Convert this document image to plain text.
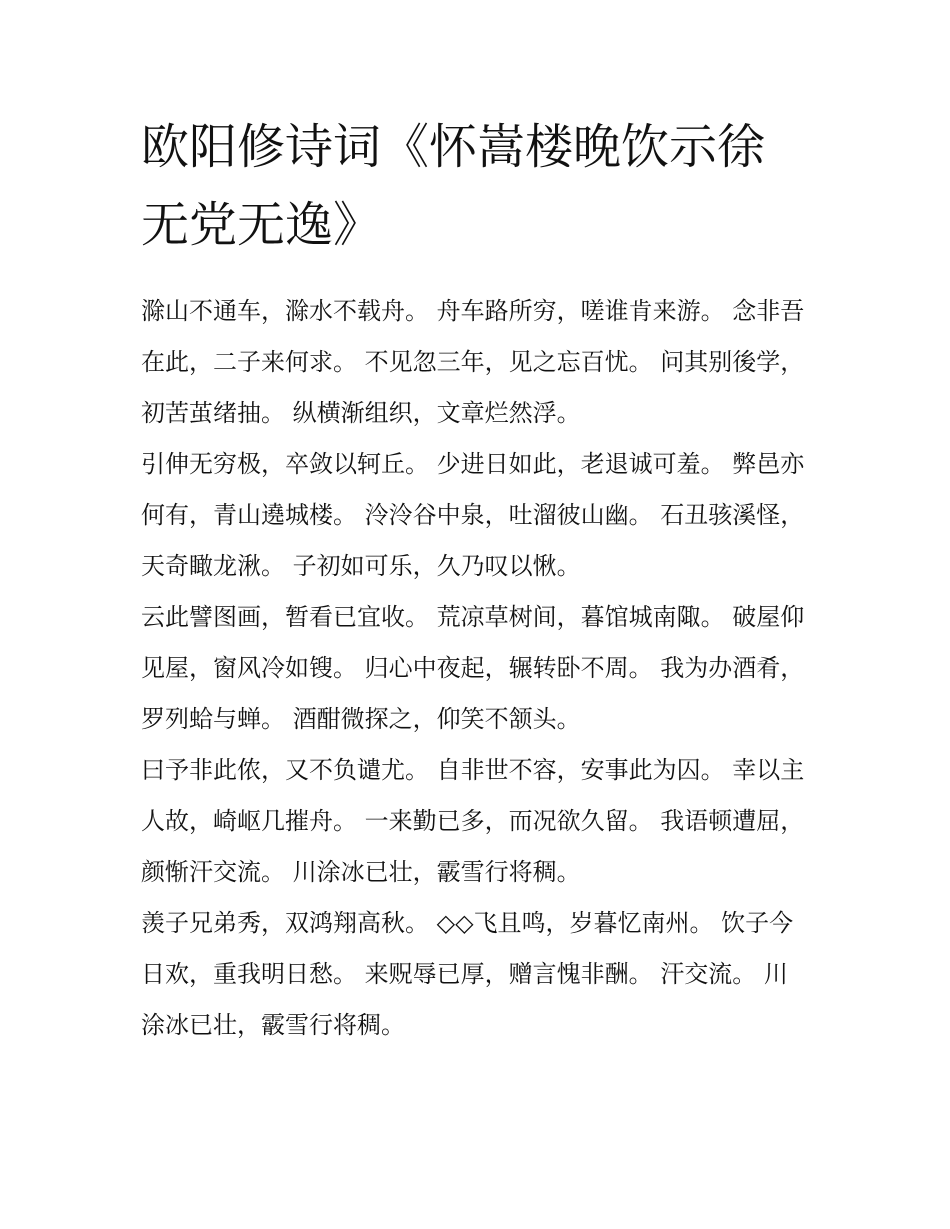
欧阳修诗词《怀嵩楼晚饮示徐无党无逸》

滁山不通车，滁水不载舟。 舟车路所穷，嗟谁肯来游。 念非吾在此，二子来何求。 不见忽三年，见之忘百忧。 问其别後学，初苦茧绪抽。 纵横渐组织，文章烂然浮。

引伸无穷极，卒敛以轲丘。 少进日如此，老退诚可羞。 弊邑亦何有，青山遶城楼。 泠泠谷中泉，吐溜彼山幽。 石丑骇溪怪，天奇瞰龙湫。 子初如可乐，久乃叹以愀。

云此譬图画，暂看已宜收。 荒凉草树间，暮馆城南陬。 破屋仰见屋，窗风冷如锼。 归心中夜起，辗转卧不周。 我为办酒肴，罗列蛤与蝉。 酒酣微探之，仰笑不颔头。

曰予非此侬，又不负谴尤。 自非世不容，安事此为囚。 幸以主人故，崎岖几摧舟。 一来勤已多，而况欲久留。 我语顿遭屈，颜惭汗交流。 川涂冰已壮，霰雪行将稠。

羡子兄弟秀，双鸿翔高秋。 ◇◇飞且鸣，岁暮忆南州。 饮子今日欢，重我明日愁。 来贶辱已厚，赠言愧非酬。 汗交流。 川涂冰已壮，霰雪行将稠。
